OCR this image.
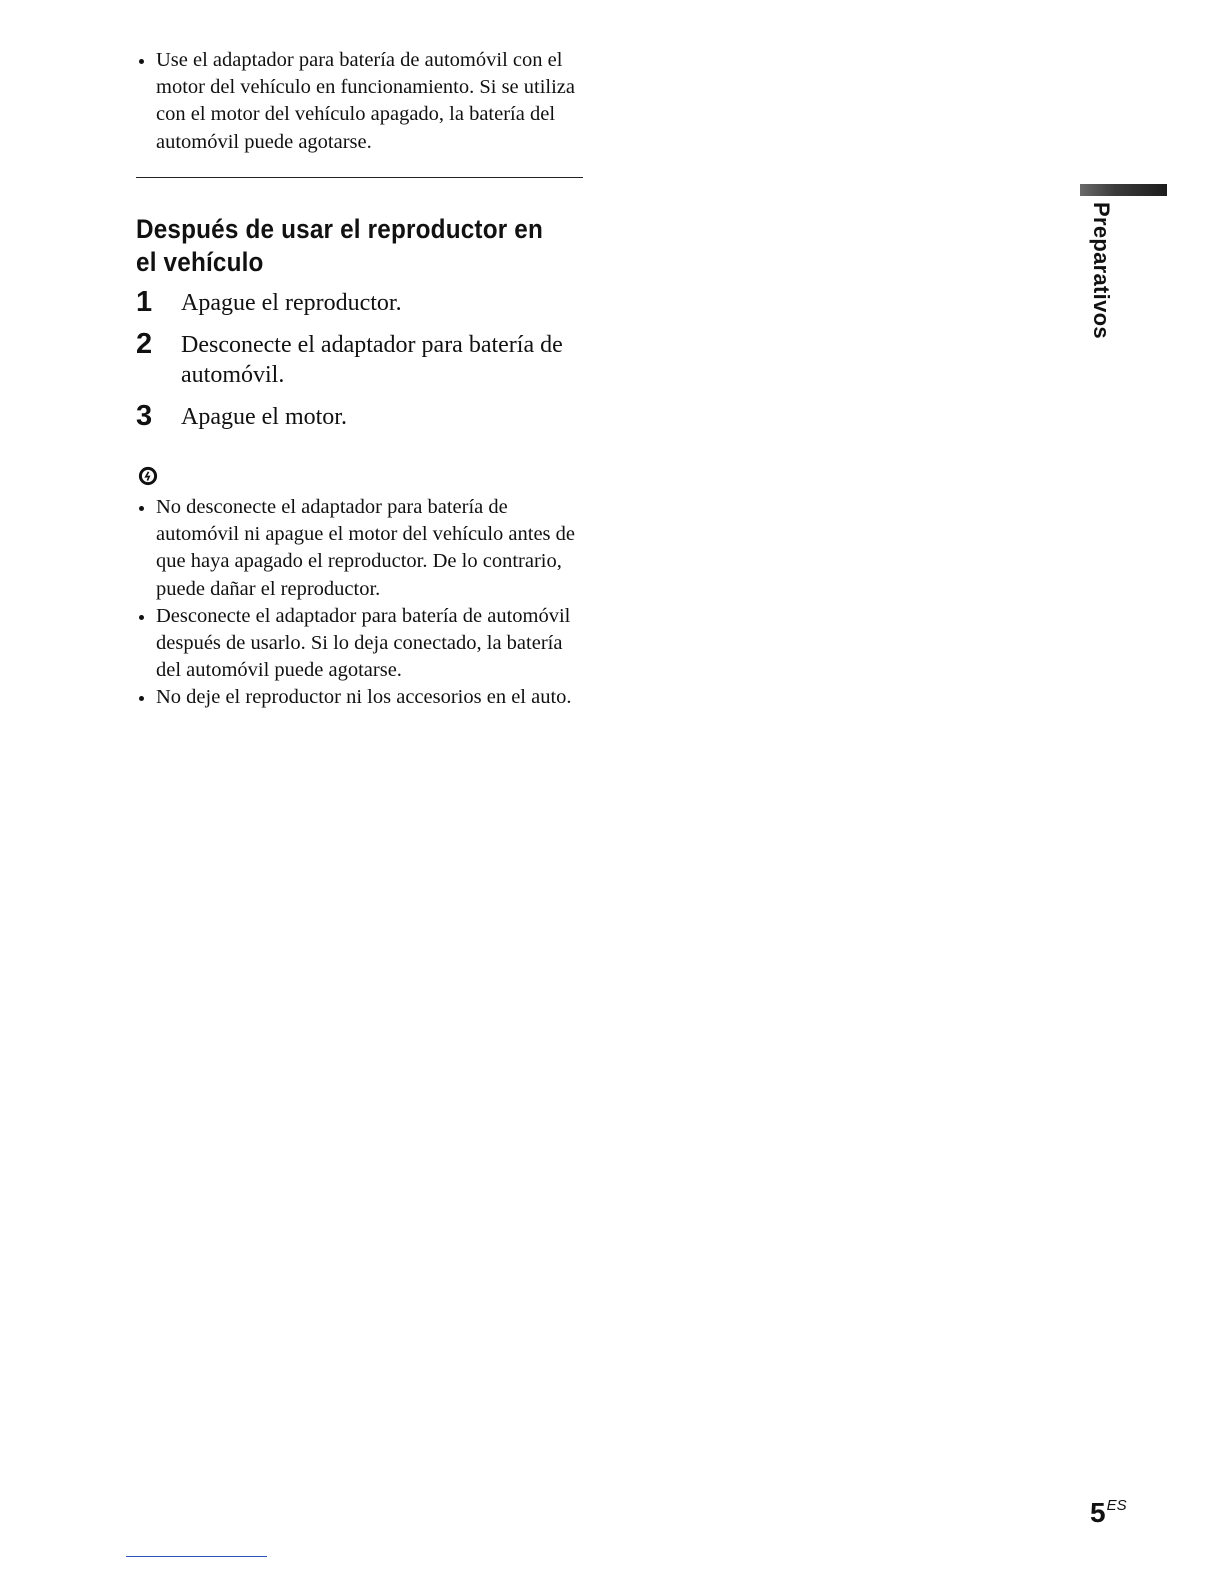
Use el adaptador para batería de automóvil con el motor del vehículo en funcionamiento. Si se utiliza con el motor del vehículo apagado, la batería del automóvil puede agotarse.
Después de usar el reproductor en el vehículo
1 Apague el reproductor.
2 Desconecte el adaptador para batería de automóvil.
3 Apague el motor.
No desconecte el adaptador para batería de automóvil ni apague el motor del vehículo antes de que haya apagado el reproductor. De lo contrario, puede dañar el reproductor.
Desconecte el adaptador para batería de automóvil después de usarlo. Si lo deja conectado, la batería del automóvil puede agotarse.
No deje el reproductor ni los accesorios en el auto.

Preparativos

$5^{ES}$
